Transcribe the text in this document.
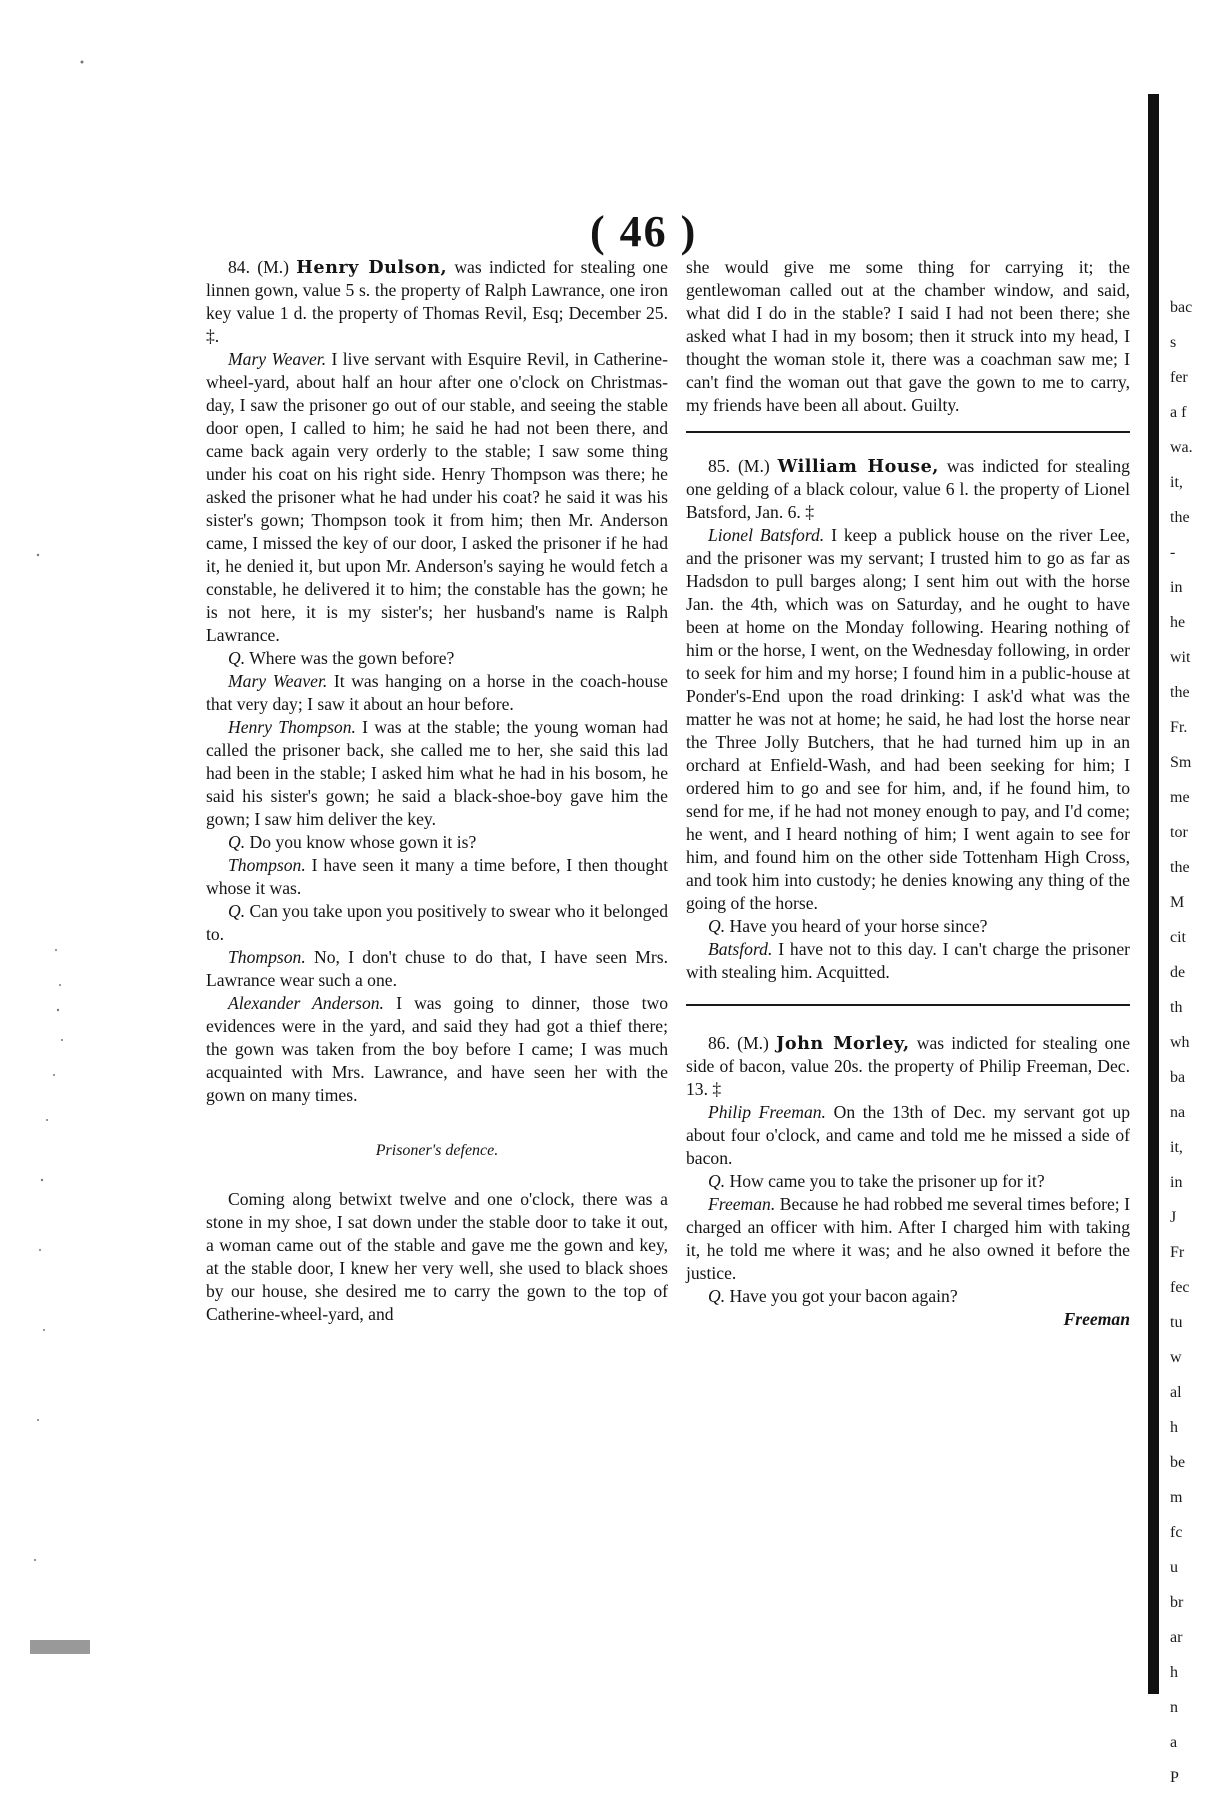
( 46 )

84. (M.) Henry Dulson, was indicted for stealing one linnen gown, value 5 s. the property of Ralph Lawrance, one iron key value 1 d. the property of Thomas Revil, Esq; December 25. ‡.

Mary Weaver. I live servant with Esquire Revil, in Catherine-wheel-yard, about half an hour after one o'clock on Christmas-day, I saw the prisoner go out of our stable, and seeing the stable door open, I called to him; he said he had not been there, and came back again very orderly to the stable; I saw some thing under his coat on his right side. Henry Thompson was there; he asked the prisoner what he had under his coat? he said it was his sister's gown; Thompson took it from him; then Mr. Anderson came, I missed the key of our door, I asked the prisoner if he had it, he denied it, but upon Mr. Anderson's saying he would fetch a constable, he delivered it to him; the constable has the gown; he is not here, it is my sister's; her husband's name is Ralph Lawrance.

Q. Where was the gown before?

Mary Weaver. It was hanging on a horse in the coach-house that very day; I saw it about an hour before.

Henry Thompson. I was at the stable; the young woman had called the prisoner back, she called me to her, she said this lad had been in the stable; I asked him what he had in his bosom, he said his sister's gown; he said a black-shoe-boy gave him the gown; I saw him deliver the key.

Q. Do you know whose gown it is?

Thompson. I have seen it many a time before, I then thought whose it was.

Q. Can you take upon you positively to swear who it belonged to.

Thompson. No, I don't chuse to do that, I have seen Mrs. Lawrance wear such a one.

Alexander Anderson. I was going to dinner, those two evidences were in the yard, and said they had got a thief there; the gown was taken from the boy before I came; I was much acquainted with Mrs. Lawrance, and have seen her with the gown on many times.

Prisoner's defence.

Coming along betwixt twelve and one o'clock, there was a stone in my shoe, I sat down under the stable door to take it out, a woman came out of the stable and gave me the gown and key, at the stable door, I knew her very well, she used to black shoes by our house, she desired me to carry the gown to the top of Catherine-wheel-yard, and

she would give me some thing for carrying it; the gentlewoman called out at the chamber window, and said, what did I do in the stable? I said I had not been there; she asked what I had in my bosom; then it struck into my head, I thought the woman stole it, there was a coachman saw me; I can't find the woman out that gave the gown to me to carry, my friends have been all about. Guilty.

85. (M.) William House, was indicted for stealing one gelding of a black colour, value 6 l. the property of Lionel Batsford, Jan. 6. ‡

Lionel Batsford. I keep a publick house on the river Lee, and the prisoner was my servant; I trusted him to go as far as Hadsdon to pull barges along; I sent him out with the horse Jan. the 4th, which was on Saturday, and he ought to have been at home on the Monday following. Hearing nothing of him or the horse, I went, on the Wednesday following, in order to seek for him and my horse; I found him in a public-house at Ponder's-End upon the road drinking: I ask'd what was the matter he was not at home; he said, he had lost the horse near the Three Jolly Butchers, that he had turned him up in an orchard at Enfield-Wash, and had been seeking for him; I ordered him to go and see for him, and, if he found him, to send for me, if he had not money enough to pay, and I'd come; he went, and I heard nothing of him; I went again to see for him, and found him on the other side Tottenham High Cross, and took him into custody; he denies knowing any thing of the going of the horse.

Q. Have you heard of your horse since?

Batsford. I have not to this day. I can't charge the prisoner with stealing him. Acquitted.

86. (M.) John Morley, was indicted for stealing one side of bacon, value 20s. the property of Philip Freeman, Dec. 13. ‡

Philip Freeman. On the 13th of Dec. my servant got up about four o'clock, and came and told me he missed a side of bacon.

Q. How came you to take the prisoner up for it?

Freeman. Because he had robbed me several times before; I charged an officer with him. After I charged him with taking it, he told me where it was; and he also owned it before the justice.

Q. Have you got your bacon again?

Freeman

bac
s
fer
a f
wa.
it,
the
-
in
he
wit
the
Fr.
Sm
me
tor
the
M
cit
de
th
wh
ba
na
it,
in
J
Fr
fec
tu
w
al
h
be
m
fc
u
br
ar
h
n
a
P
